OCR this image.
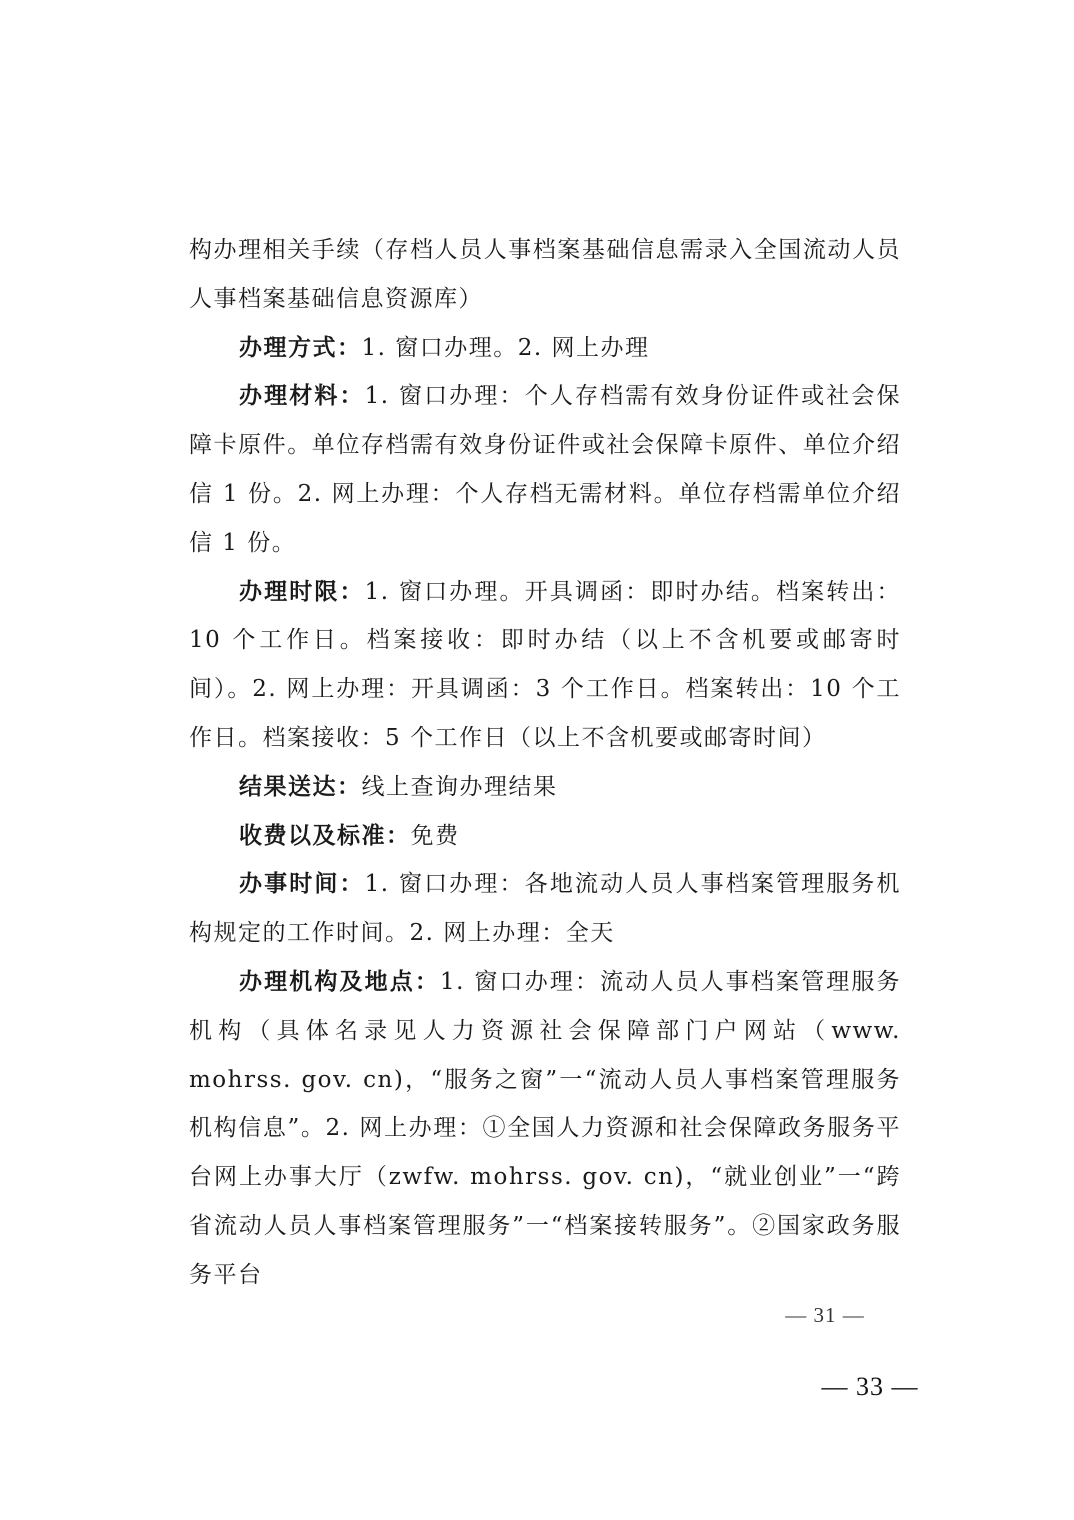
构办理相关手续（存档人员人事档案基础信息需录入全国流动人员人事档案基础信息资源库）

办理方式：1. 窗口办理。2. 网上办理

办理材料：1. 窗口办理：个人存档需有效身份证件或社会保障卡原件。单位存档需有效身份证件或社会保障卡原件、单位介绍信 1 份。2. 网上办理：个人存档无需材料。单位存档需单位介绍信 1 份。

办理时限：1. 窗口办理。开具调函：即时办结。档案转出：10 个工作日。档案接收：即时办结（以上不含机要或邮寄时间）。2. 网上办理：开具调函：3 个工作日。档案转出：10 个工作日。档案接收：5 个工作日（以上不含机要或邮寄时间）

结果送达：线上查询办理结果

收费以及标准：免费

办事时间：1. 窗口办理：各地流动人员人事档案管理服务机构规定的工作时间。2. 网上办理：全天

办理机构及地点：1. 窗口办理：流动人员人事档案管理服务机构（具体名录见人力资源社会保障部门户网站（www. mohrss. gov. cn)，“服务之窗”一“流动人员人事档案管理服务机构信息”。2. 网上办理：①全国人力资源和社会保障政务服务平台网上办事大厅（zwfw. mohrss. gov. cn)，“就业创业”一“跨省流动人员人事档案管理服务”一“档案接转服务”。②国家政务服务平台

— 31 —
— 33 —
